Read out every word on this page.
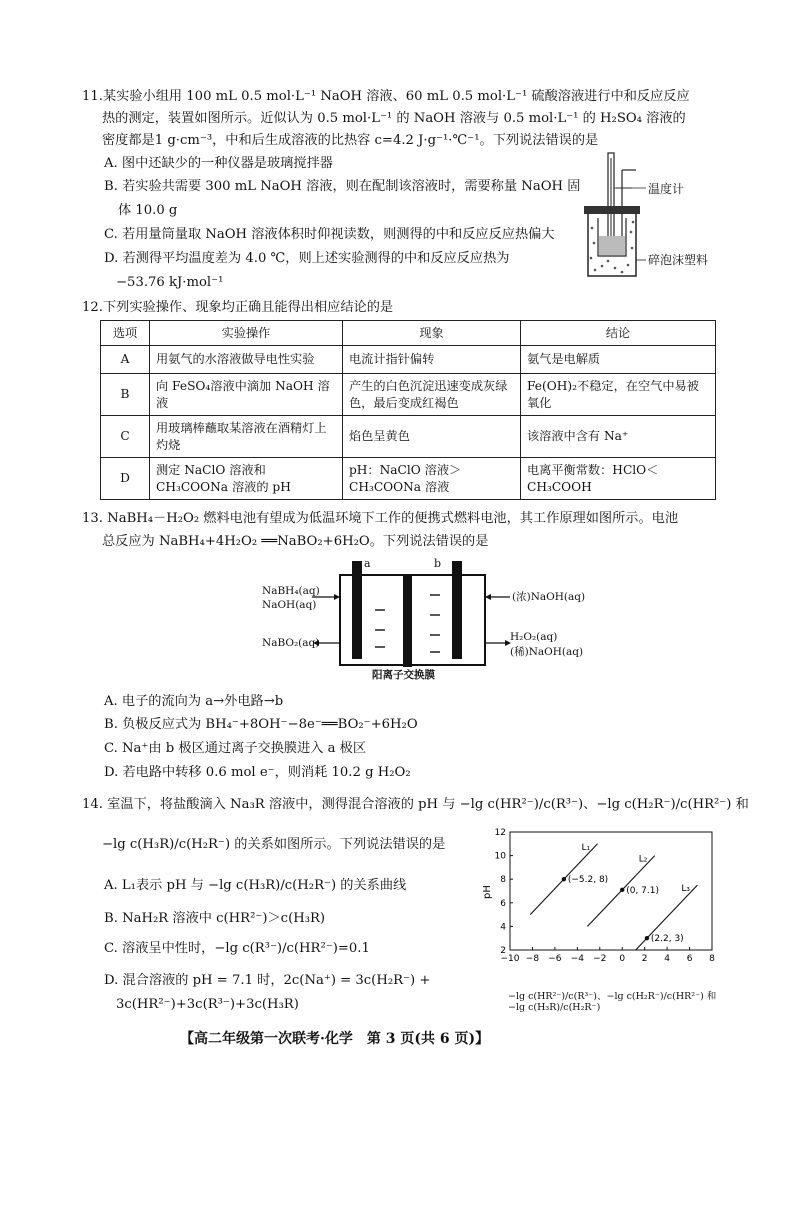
11.某实验小组用 100 mL 0.5 mol·L⁻¹ NaOH 溶液、60 mL 0.5 mol·L⁻¹ 硫酸溶液进行中和反应反应
热的测定，装置如图所示。近似认为 0.5 mol·L⁻¹ 的 NaOH 溶液与 0.5 mol·L⁻¹ 的 H₂SO₄ 溶液的
密度都是1 g·cm⁻³，中和后生成溶液的比热容 c=4.2 J·g⁻¹·℃⁻¹。下列说法错误的是
A. 图中还缺少的一种仪器是玻璃搅拌器
B. 若实验共需要 300 mL NaOH 溶液，则在配制该溶液时，需要称量 NaOH 固
体 10.0 g
C. 若用量筒量取 NaOH 溶液体积时仰视读数，则测得的中和反应反应热偏大
D. 若测得平均温度差为 4.0 ℃，则上述实验测得的中和反应反应热为
−53.76 kJ·mol⁻¹
温度计
碎泡沫塑料
12.下列实验操作、现象均正确且能得出相应结论的是
选项	实验操作	现象	结论
A	用氨气的水溶液做导电性实验	电流计指针偏转	氨气是电解质
B	向 FeSO₄溶液中滴加 NaOH 溶液	产生的白色沉淀迅速变成灰绿色，最后变成红褐色	Fe(OH)₂不稳定，在空气中易被氧化
C	用玻璃棒蘸取某溶液在酒精灯上灼烧	焰色呈黄色	该溶液中含有 Na⁺
D	测定 NaClO 溶液和 CH₃COONa 溶液的 pH	pH：NaClO 溶液＞CH₃COONa 溶液	电离平衡常数：HClO＜CH₃COOH
13. NaBH₄－H₂O₂ 燃料电池有望成为低温环境下工作的便携式燃料电池，其工作原理如图所示。电池
总反应为 NaBH₄+4H₂O₂ ══NaBO₂+6H₂O。下列说法错误的是
a	b
NaBH₄(aq)
NaOH(aq)
NaBO₂(aq)
(浓)NaOH(aq)
H₂O₂(aq)
(稀)NaOH(aq)
阳离子交换膜
A. 电子的流向为 a→外电路→b
B. 负极反应式为 BH₄⁻+8OH⁻−8e⁻══BO₂⁻+6H₂O
C. Na⁺由 b 极区通过离子交换膜进入 a 极区
D. 若电路中转移 0.6 mol e⁻，则消耗 10.2 g H₂O₂
14. 室温下，将盐酸滴入 Na₃R 溶液中，测得混合溶液的 pH 与 −lg c(HR²⁻)/c(R³⁻)、−lg c(H₂R⁻)/c(HR²⁻) 和
−lg c(H₃R)/c(H₂R⁻) 的关系如图所示。下列说法错误的是
A. L₁表示 pH 与 −lg c(H₃R)/c(H₂R⁻) 的关系曲线
B. NaH₂R 溶液中 c(HR²⁻)＞c(H₃R)
C. 溶液呈中性时，−lg c(R³⁻)/c(HR²⁻)=0.1
D. 混合溶液的 pH = 7.1 时，2c(Na⁺) = 3c(H₂R⁻) +
3c(HR²⁻)+3c(R³⁻)+3c(H₃R)
−10 −8 −6 −4 −2 0 2 4 6 8
2
4
6
8
10
12
L₁
L₂
L₃
(−5.2, 8)
(0, 7.1)
(2.2, 3)
pH
−lg c(HR²⁻)/c(R³⁻)、−lg c(H₂R⁻)/c(HR²⁻) 和 −lg c(H₃R)/c(H₂R⁻)
【高二年级第一次联考·化学　第 3 页(共 6 页)】
